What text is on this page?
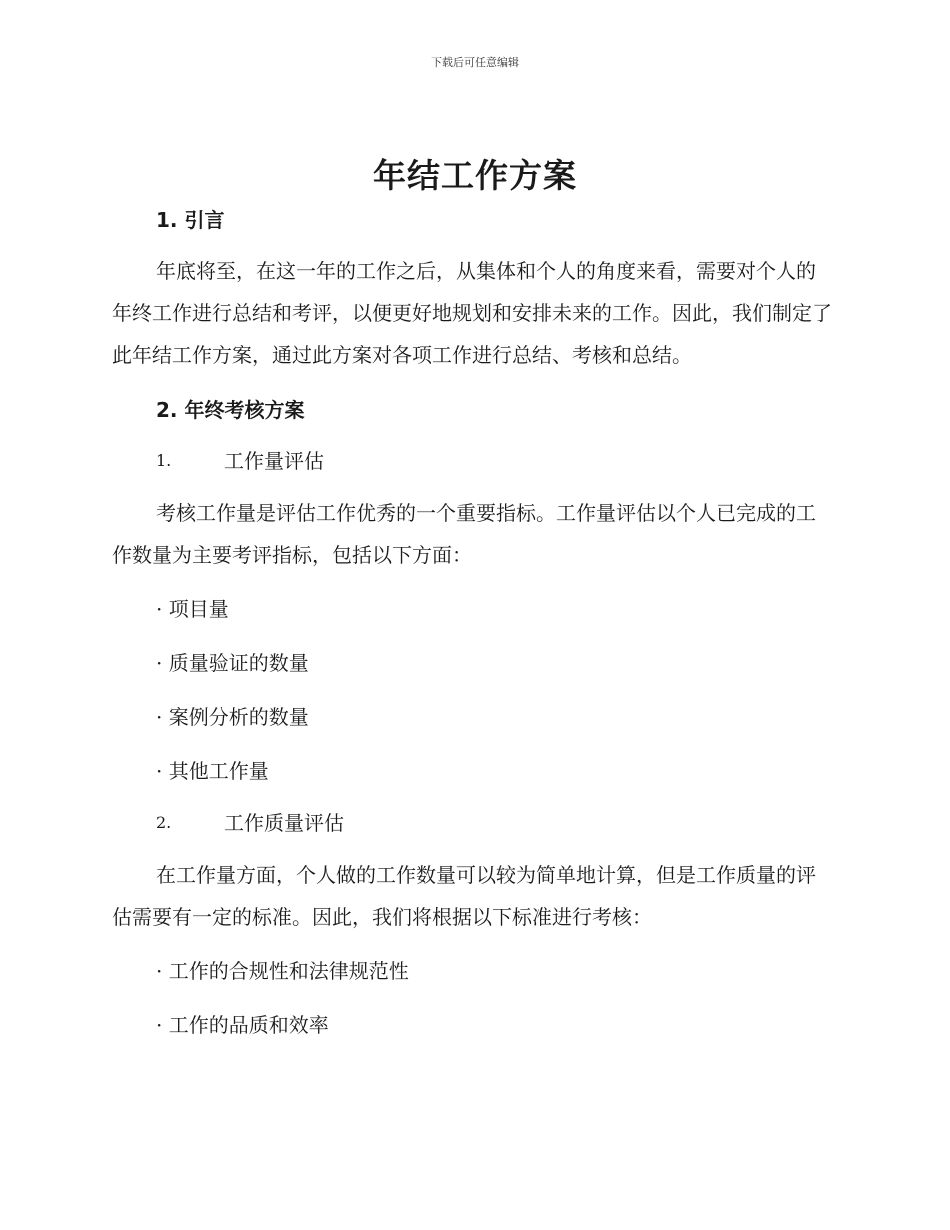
下载后可任意编辑
年结工作方案
1. 引言

年底将至，在这一年的工作之后，从集体和个人的角度来看，需要对个人的年终工作进行总结和考评，以便更好地规划和安排未来的工作。因此，我们制定了此年结工作方案，通过此方案对各项工作进行总结、考核和总结。

2. 年终考核方案
1.	工作量评估

考核工作量是评估工作优秀的一个重要指标。工作量评估以个人已完成的工作数量为主要考评指标，包括以下方面：

· 项目量
· 质量验证的数量
· 案例分析的数量
· 其他工作量
2.	工作质量评估

在工作量方面，个人做的工作数量可以较为简单地计算，但是工作质量的评估需要有一定的标准。因此，我们将根据以下标准进行考核：

· 工作的合规性和法律规范性
· 工作的品质和效率
